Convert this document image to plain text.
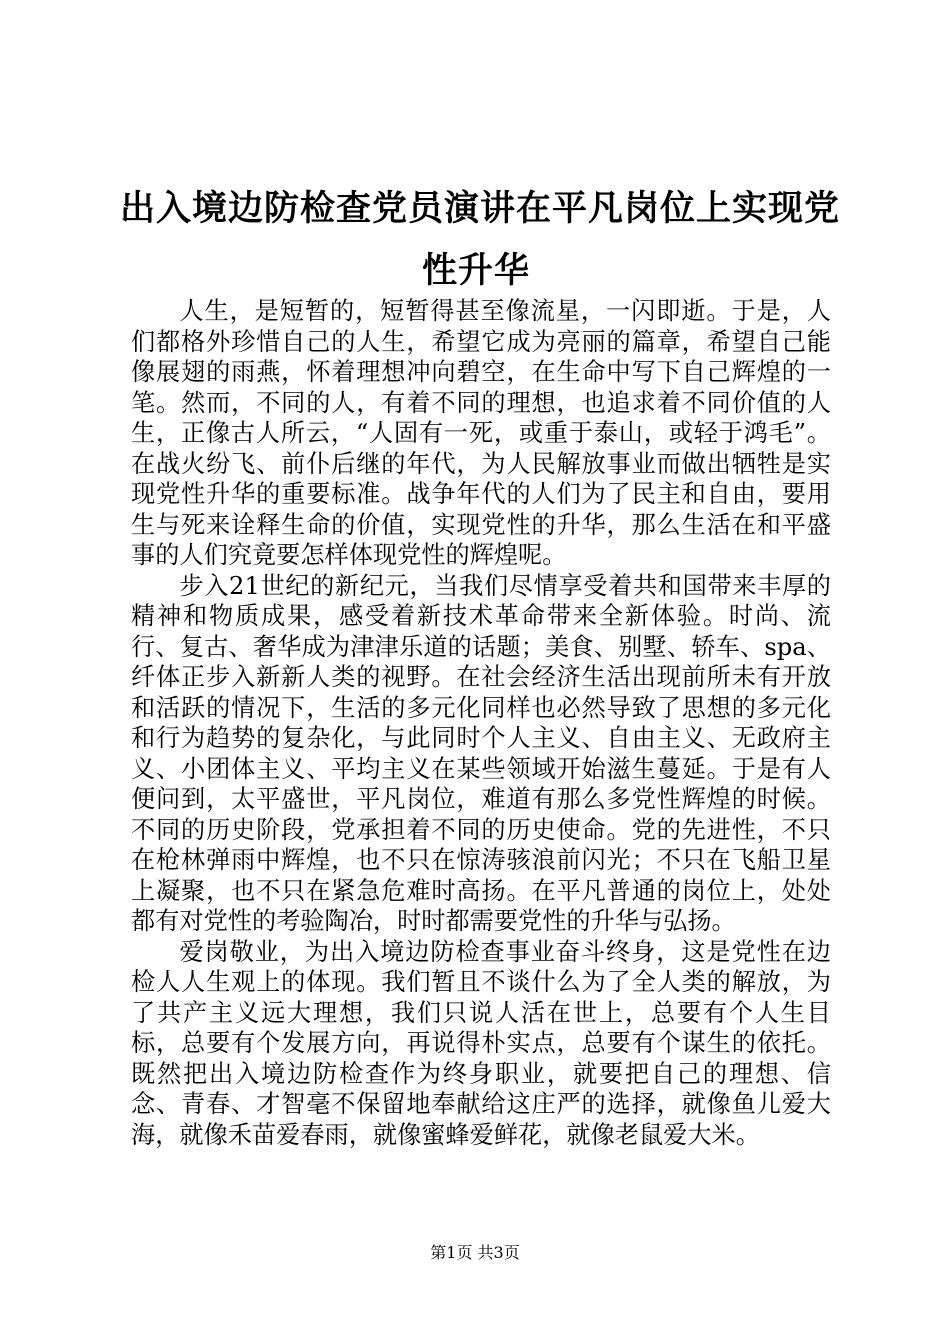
出入境边防检查党员演讲在平凡岗位上实现党
性升华

人生，是短暂的，短暂得甚至像流星，一闪即逝。于是，人们都格外珍惜自己的人生，希望它成为亮丽的篇章，希望自己能像展翅的雨燕，怀着理想冲向碧空，在生命中写下自己辉煌的一笔。然而，不同的人，有着不同的理想，也追求着不同价值的人生，正像古人所云，“人固有一死，或重于泰山，或轻于鸿毛”。在战火纷飞、前仆后继的年代，为人民解放事业而做出牺牲是实现党性升华的重要标准。战争年代的人们为了民主和自由，要用生与死来诠释生命的价值，实现党性的升华，那么生活在和平盛事的人们究竟要怎样体现党性的辉煌呢。

步入21世纪的新纪元，当我们尽情享受着共和国带来丰厚的精神和物质成果，感受着新技术革命带来全新体验。时尚、流行、复古、奢华成为津津乐道的话题；美食、别墅、轿车、spa、纤体正步入新新人类的视野。在社会经济生活出现前所未有开放和活跃的情况下，生活的多元化同样也必然导致了思想的多元化和行为趋势的复杂化，与此同时个人主义、自由主义、无政府主义、小团体主义、平均主义在某些领域开始滋生蔓延。于是有人便问到，太平盛世，平凡岗位，难道有那么多党性辉煌的时候。不同的历史阶段，党承担着不同的历史使命。党的先进性，不只在枪林弹雨中辉煌，也不只在惊涛骇浪前闪光；不只在飞船卫星上凝聚，也不只在紧急危难时高扬。在平凡普通的岗位上，处处都有对党性的考验陶冶，时时都需要党性的升华与弘扬。

爱岗敬业，为出入境边防检查事业奋斗终身，这是党性在边检人人生观上的体现。我们暂且不谈什么为了全人类的解放，为了共产主义远大理想，我们只说人活在世上，总要有个人生目标，总要有个发展方向，再说得朴实点，总要有个谋生的依托。既然把出入境边防检查作为终身职业，就要把自己的理想、信念、青春、才智毫不保留地奉献给这庄严的选择，就像鱼儿爱大海，就像禾苗爱春雨，就像蜜蜂爱鲜花，就像老鼠爱大米。

第1页 共3页
